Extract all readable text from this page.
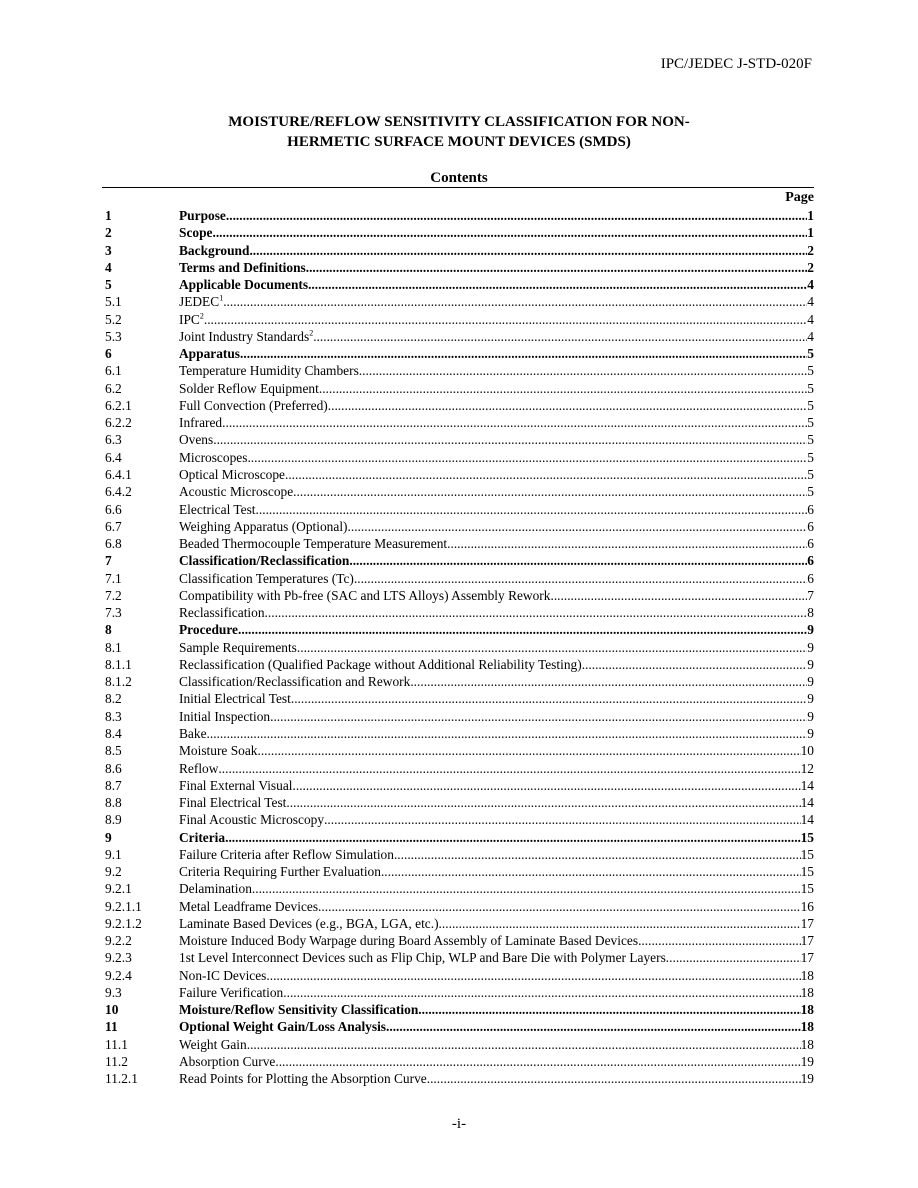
IPC/JEDEC J-STD-020F
MOISTURE/REFLOW SENSITIVITY CLASSIFICATION FOR NON-
HERMETIC SURFACE MOUNT DEVICES (SMDS)
Contents
Page
1	Purpose .....	1
2	Scope .....	1
3	Background .....	2
4	Terms and Definitions .....	2
5	Applicable Documents .....	4
5.1	JEDEC$^1$ .....	4
5.2	IPC$^2$ .....	4
5.3	Joint Industry Standards$^2$ .....	4
6	Apparatus .....	5
6.1	Temperature Humidity Chambers .....	5
6.2	Solder Reflow Equipment .....	5
6.2.1	Full Convection (Preferred) .....	5
6.2.2	Infrared .....	5
6.3	Ovens .....	5
6.4	Microscopes .....	5
6.4.1	Optical Microscope .....	5
6.4.2	Acoustic Microscope .....	5
6.6	Electrical Test .....	6
6.7	Weighing Apparatus (Optional) .....	6
6.8	Beaded Thermocouple Temperature Measurement .....	6
7	Classification/Reclassification .....	6
7.1	Classification Temperatures (Tc) .....	6
7.2	Compatibility with Pb-free (SAC and LTS Alloys) Assembly Rework .....	7
7.3	Reclassification .....	8
8	Procedure .....	9
8.1	Sample Requirements .....	9
8.1.1	Reclassification (Qualified Package without Additional Reliability Testing) .....	9
8.1.2	Classification/Reclassification and Rework .....	9
8.2	Initial Electrical Test .....	9
8.3	Initial Inspection .....	9
8.4	Bake .....	9
8.5	Moisture Soak .....	10
8.6	Reflow .....	12
8.7	Final External Visual .....	14
8.8	Final Electrical Test .....	14
8.9	Final Acoustic Microscopy .....	14
9	Criteria .....	15
9.1	Failure Criteria after Reflow Simulation .....	15
9.2	Criteria Requiring Further Evaluation .....	15
9.2.1	Delamination .....	15
9.2.1.1	Metal Leadframe Devices .....	16
9.2.1.2	Laminate Based Devices (e.g., BGA, LGA, etc.) .....	17
9.2.2	Moisture Induced Body Warpage during Board Assembly of Laminate Based Devices .....	17
9.2.3	1st Level Interconnect Devices such as Flip Chip, WLP and Bare Die with Polymer Layers .....	17
9.2.4	Non-IC Devices .....	18
9.3	Failure Verification .....	18
10	Moisture/Reflow Sensitivity Classification .....	18
11	Optional Weight Gain/Loss Analysis .....	18
11.1	Weight Gain .....	18
11.2	Absorption Curve .....	19
11.2.1	Read Points for Plotting the Absorption Curve .....	19
-i-
